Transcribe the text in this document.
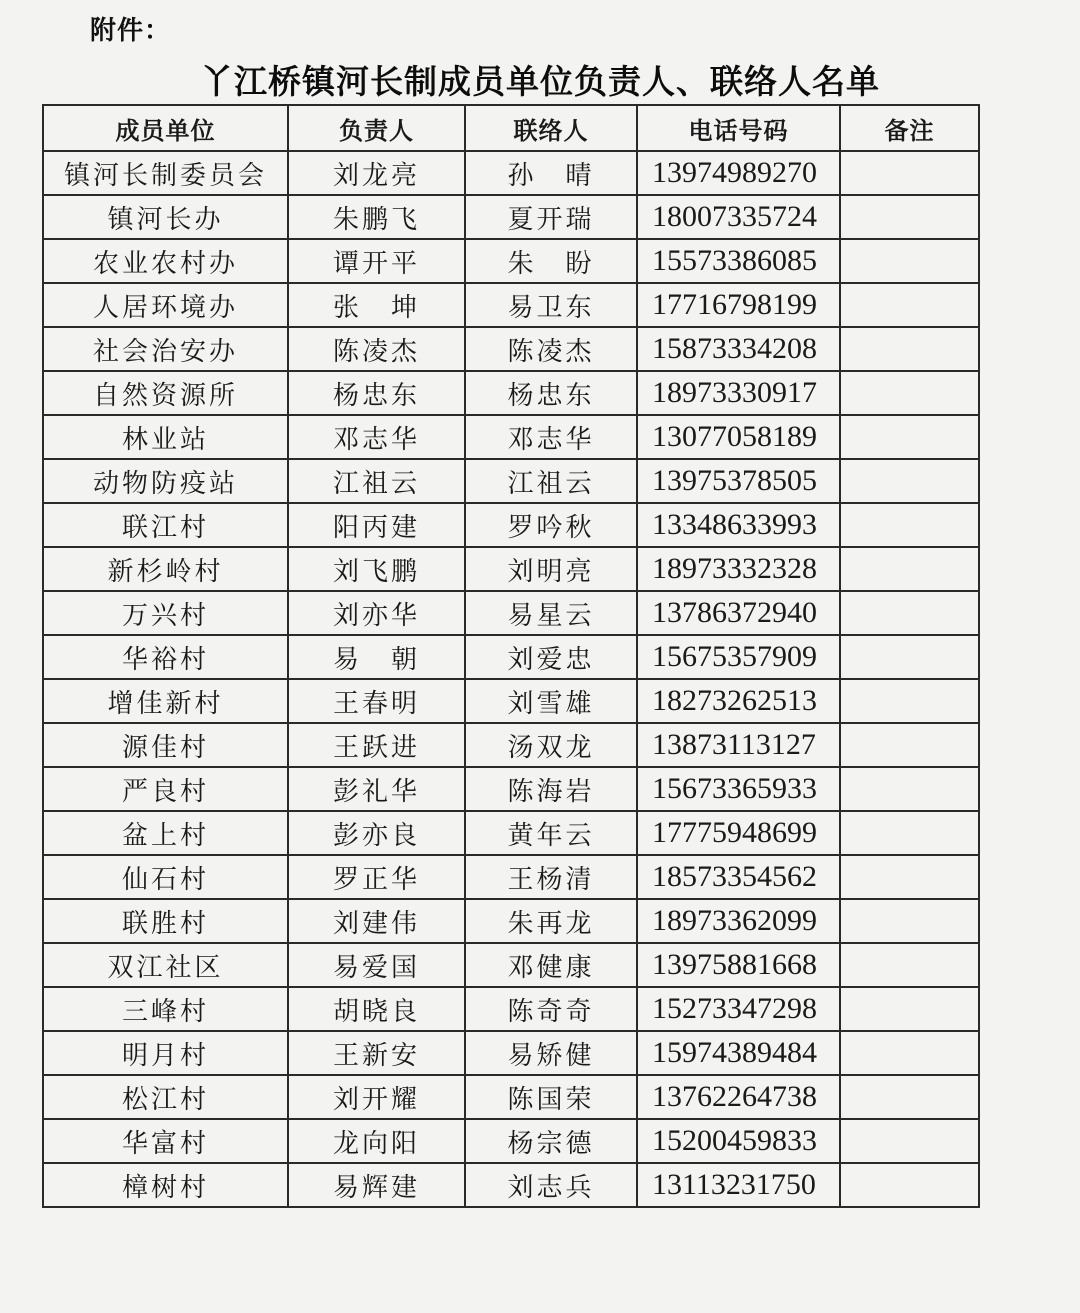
附件：
丫江桥镇河长制成员单位负责人、联络人名单
成员单位	负责人	联络人	电话号码	备注
镇河长制委员会	刘龙亮	孙　晴	13974989270	
镇河长办	朱鹏飞	夏开瑞	18007335724	
农业农村办	谭开平	朱　盼	15573386085	
人居环境办	张　坤	易卫东	17716798199	
社会治安办	陈凌杰	陈凌杰	15873334208	
自然资源所	杨忠东	杨忠东	18973330917	
林业站	邓志华	邓志华	13077058189	
动物防疫站	江祖云	江祖云	13975378505	
联江村	阳丙建	罗吟秋	13348633993	
新杉岭村	刘飞鹏	刘明亮	18973332328	
万兴村	刘亦华	易星云	13786372940	
华裕村	易　朝	刘爱忠	15675357909	
增佳新村	王春明	刘雪雄	18273262513	
源佳村	王跃进	汤双龙	13873113127	
严良村	彭礼华	陈海岩	15673365933	
盆上村	彭亦良	黄年云	17775948699	
仙石村	罗正华	王杨清	18573354562	
联胜村	刘建伟	朱再龙	18973362099	
双江社区	易爱国	邓健康	13975881668	
三峰村	胡晓良	陈奇奇	15273347298	
明月村	王新安	易矫健	15974389484	
松江村	刘开耀	陈国荣	13762264738	
华富村	龙向阳	杨宗德	15200459833	
樟树村	易辉建	刘志兵	13113231750	
